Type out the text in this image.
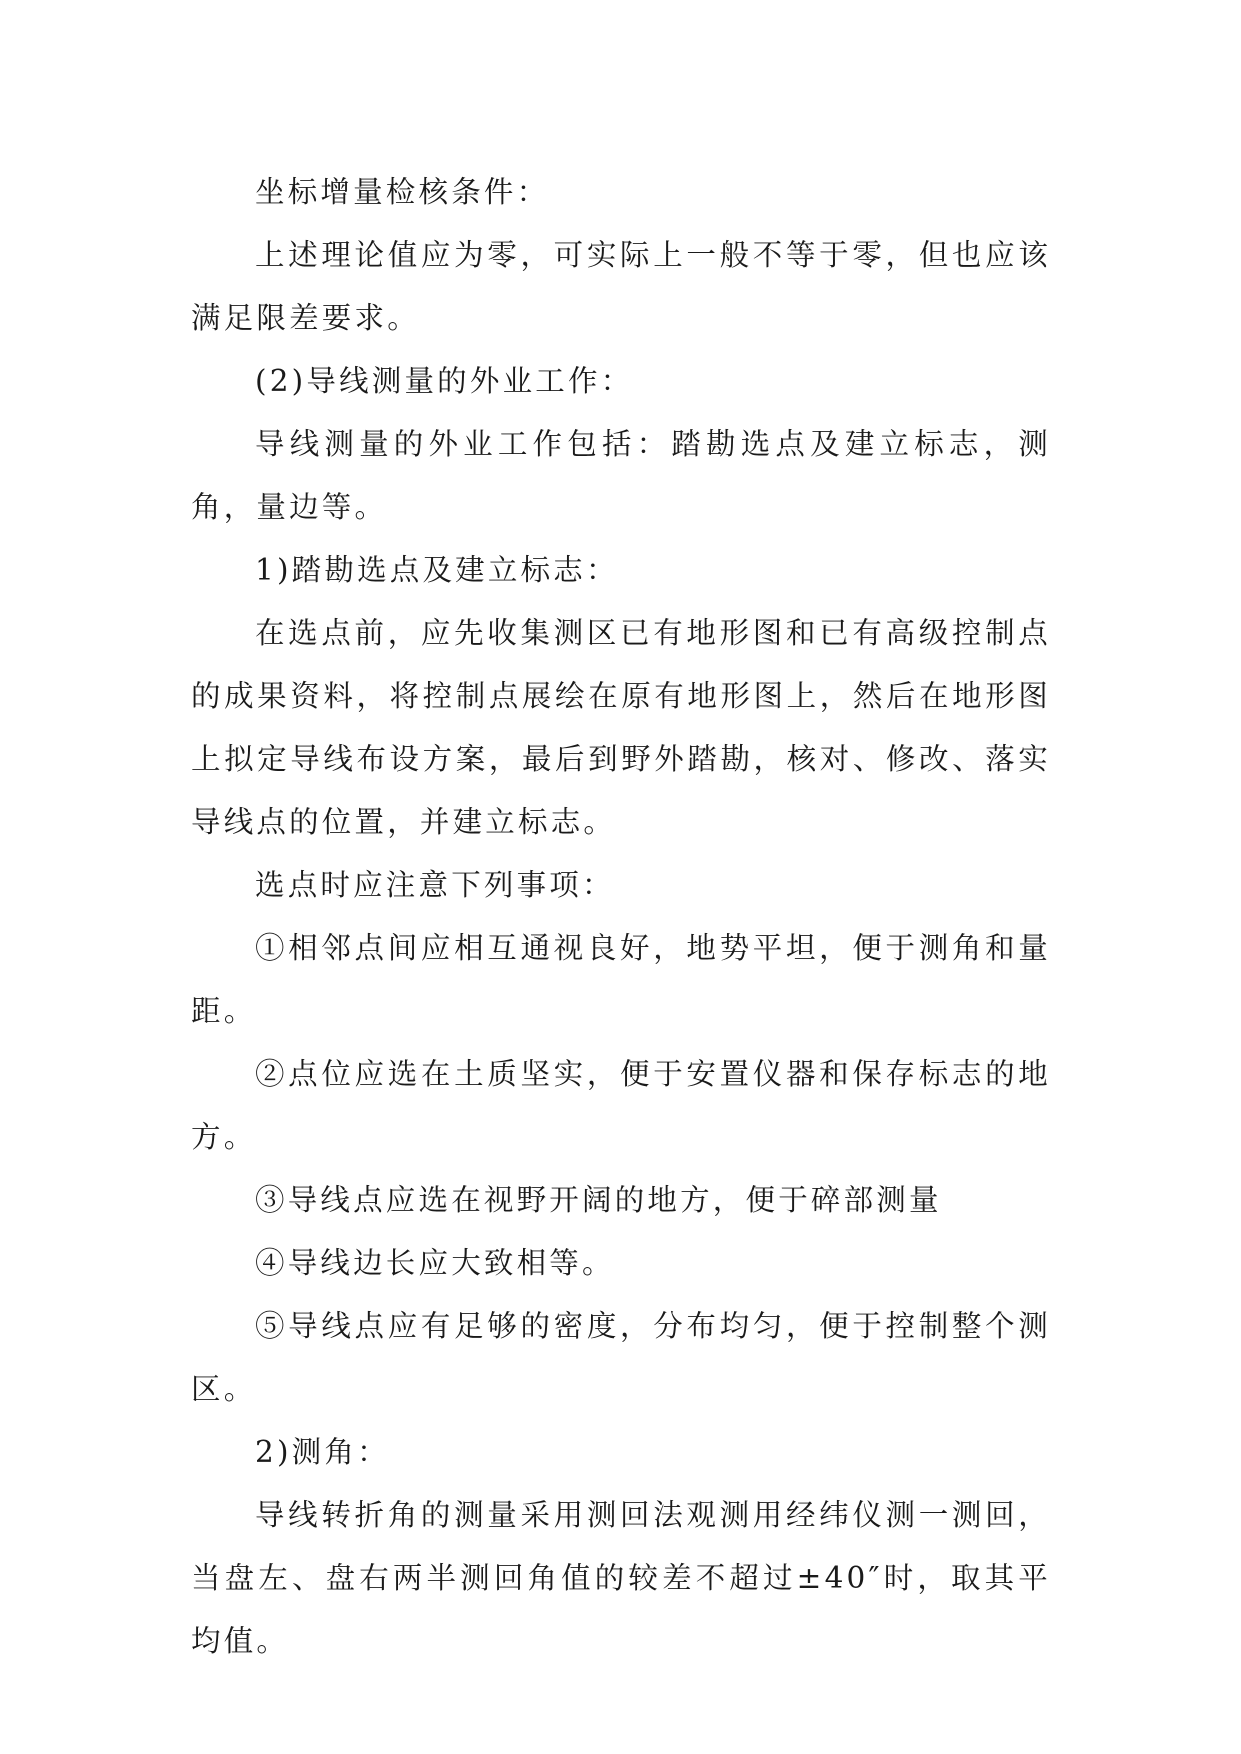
坐标增量检核条件：

上述理论值应为零，可实际上一般不等于零，但也应该满足限差要求。

(2)导线测量的外业工作：

导线测量的外业工作包括：踏勘选点及建立标志，测角，量边等。

1)踏勘选点及建立标志：

在选点前，应先收集测区已有地形图和已有高级控制点的成果资料，将控制点展绘在原有地形图上，然后在地形图上拟定导线布设方案，最后到野外踏勘，核对、修改、落实导线点的位置，并建立标志。

选点时应注意下列事项：

①相邻点间应相互通视良好，地势平坦，便于测角和量距。

②点位应选在土质坚实，便于安置仪器和保存标志的地方。

③导线点应选在视野开阔的地方，便于碎部测量

④导线边长应大致相等。

⑤导线点应有足够的密度，分布均匀，便于控制整个测区。

2)测角：

导线转折角的测量采用测回法观测用经纬仪测一测回，当盘左、盘右两半测回角值的较差不超过±40″时，取其平均值。
